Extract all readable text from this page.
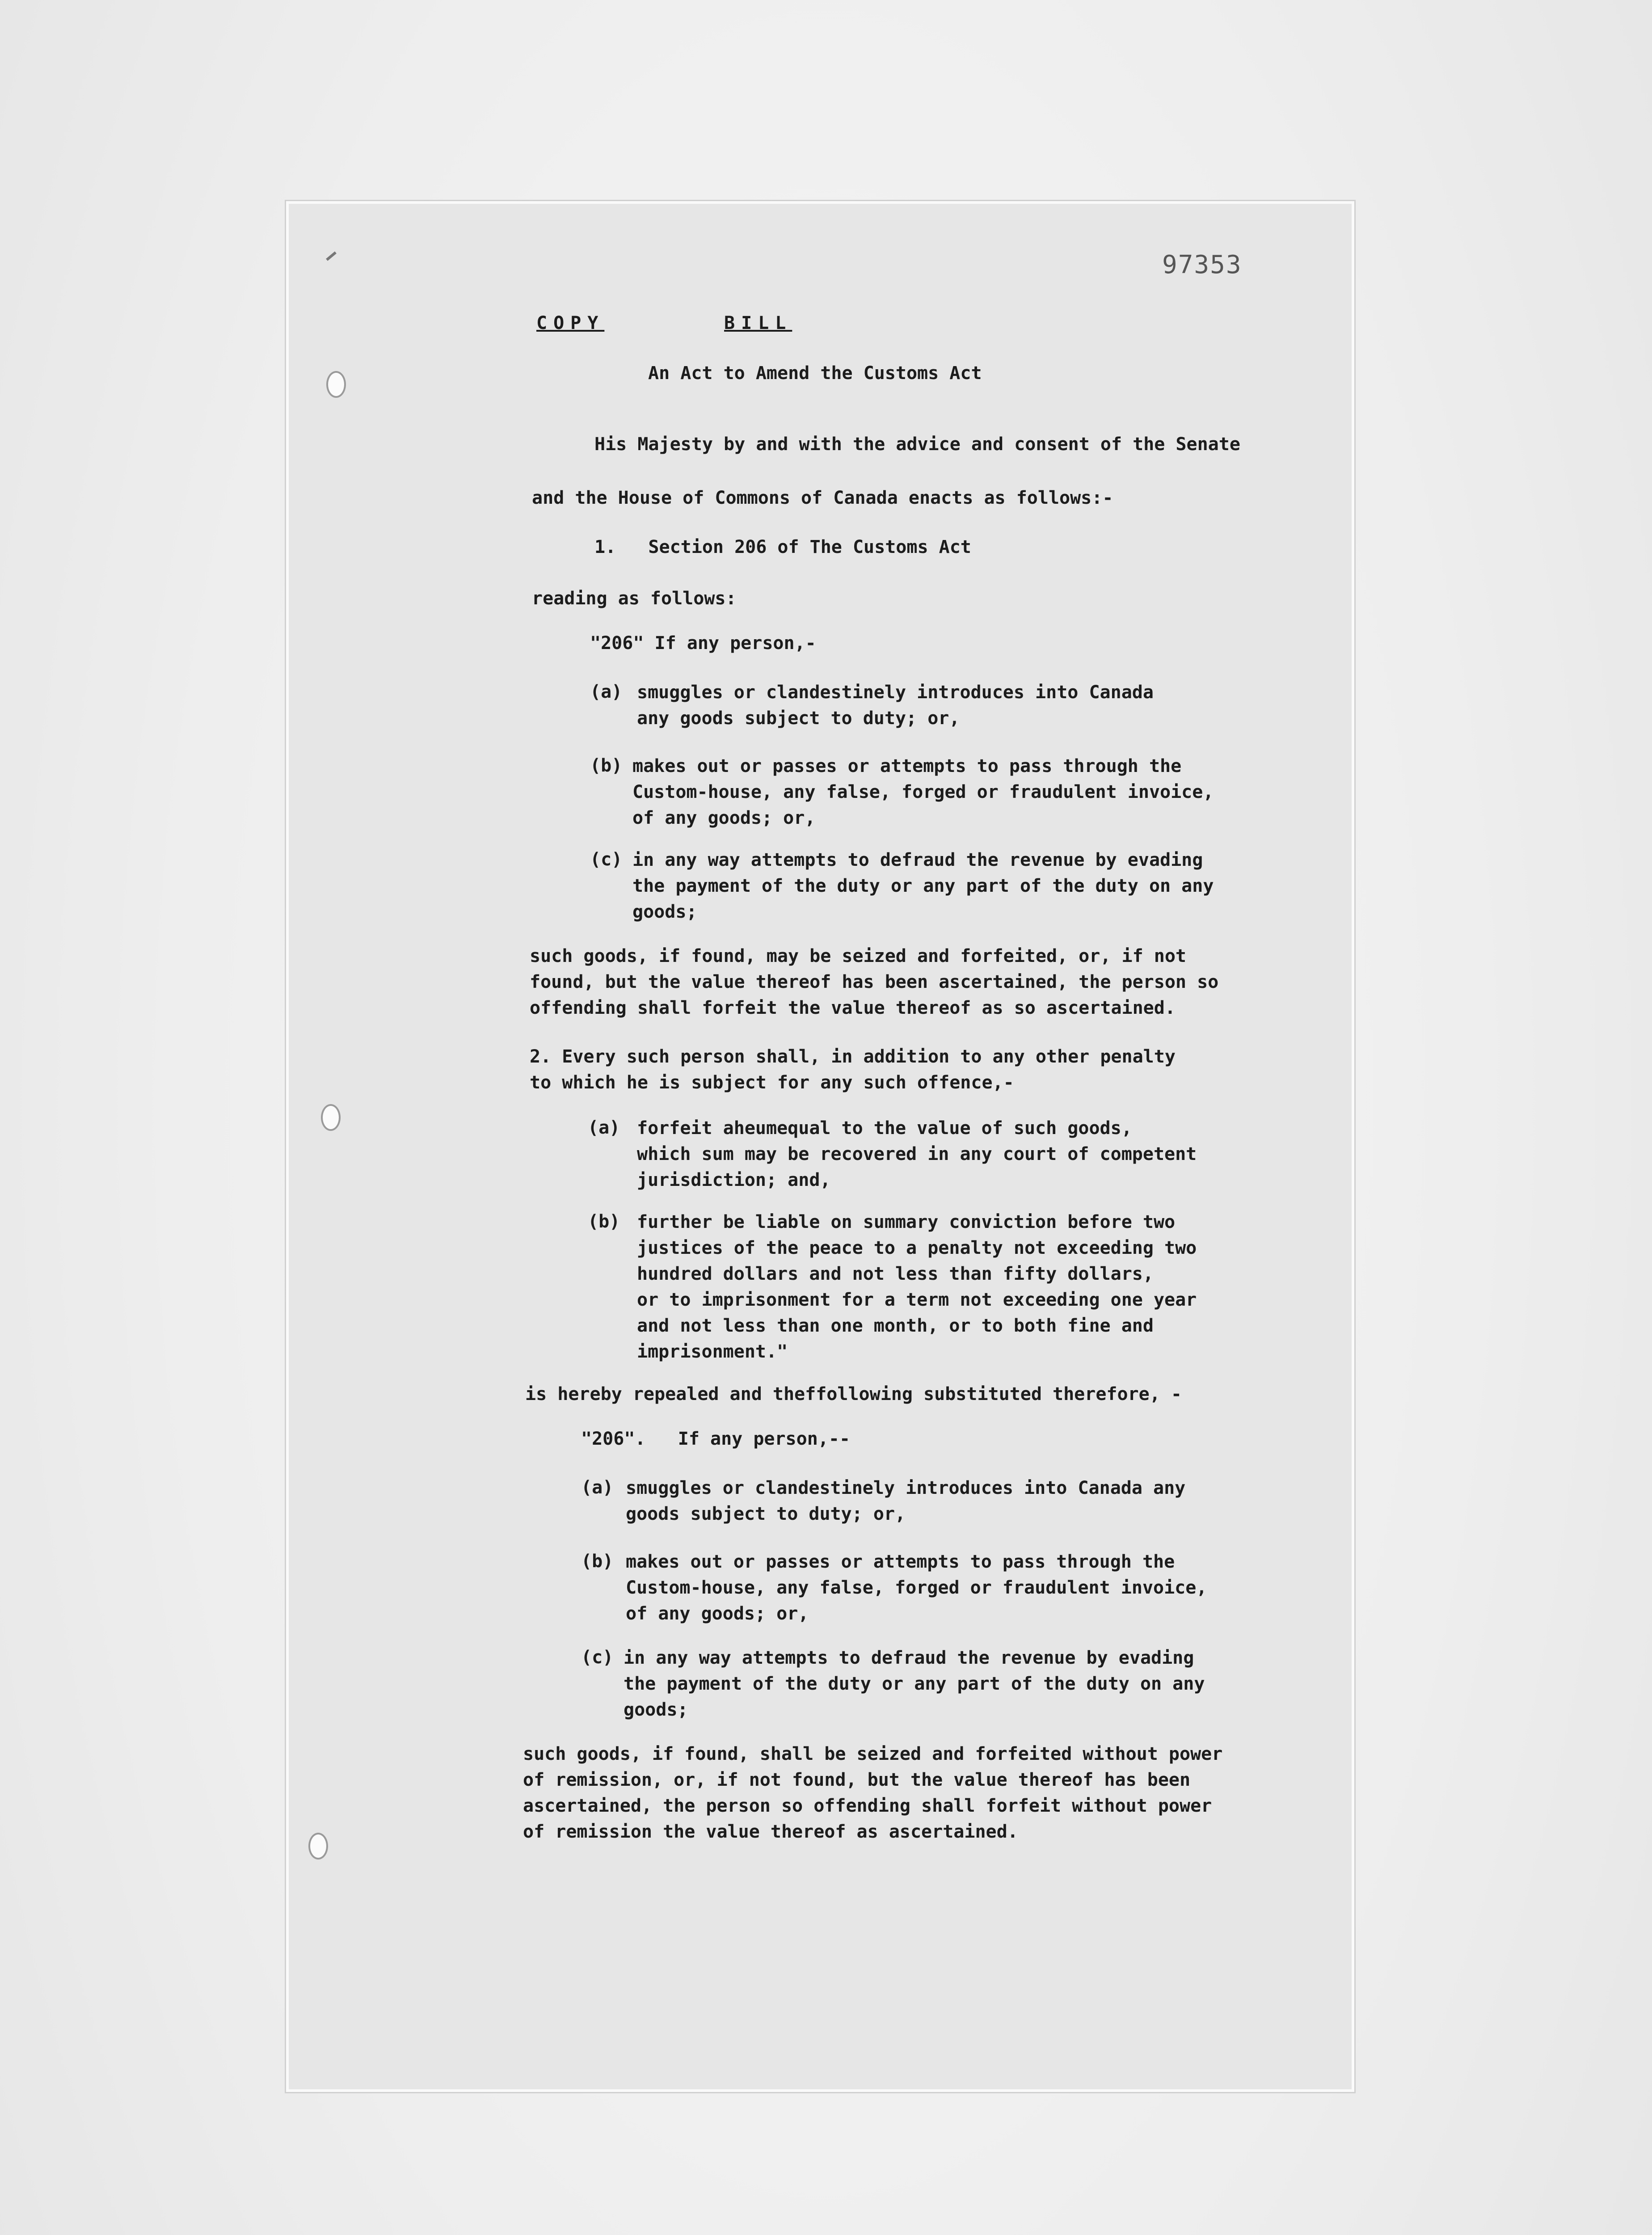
97353
COPY	BILL
An Act to Amend the Customs Act
His Majesty by and with the advice and consent of the Senate
and the House of Commons of Canada enacts as follows:-
1.   Section 206 of The Customs Act
reading as follows:
"206" If any person,-
(a) smuggles or clandestinely introduces into Canada
any goods subject to duty; or,
(b) makes out or passes or attempts to pass through the
Custom-house, any false, forged or fraudulent invoice,
of any goods; or,
(c) in any way attempts to defraud the revenue by evading
the payment of the duty or any part of the duty on any
goods;
such goods, if found, may be seized and forfeited, or, if not
found, but the value thereof has been ascertained, the person so
offending shall forfeit the value thereof as so ascertained.
2. Every such person shall, in addition to any other penalty
to which he is subject for any such offence,-
(a) forfeit aheumequal to the value of such goods,
which sum may be recovered in any court of competent
jurisdiction; and,
(b) further be liable on summary conviction before two
justices of the peace to a penalty not exceeding two
hundred dollars and not less than fifty dollars,
or to imprisonment for a term not exceeding one year
and not less than one month, or to both fine and
imprisonment."
is hereby repealed and theffollowing substituted therefore, -
"206".   If any person,--
(a) smuggles or clandestinely introduces into Canada any
goods subject to duty; or,
(b) makes out or passes or attempts to pass through the
Custom-house, any false, forged or fraudulent invoice,
of any goods; or,
(c) in any way attempts to defraud the revenue by evading
the payment of the duty or any part of the duty on any
goods;
such goods, if found, shall be seized and forfeited without power
of remission, or, if not found, but the value thereof has been
ascertained, the person so offending shall forfeit without power
of remission the value thereof as ascertained.
